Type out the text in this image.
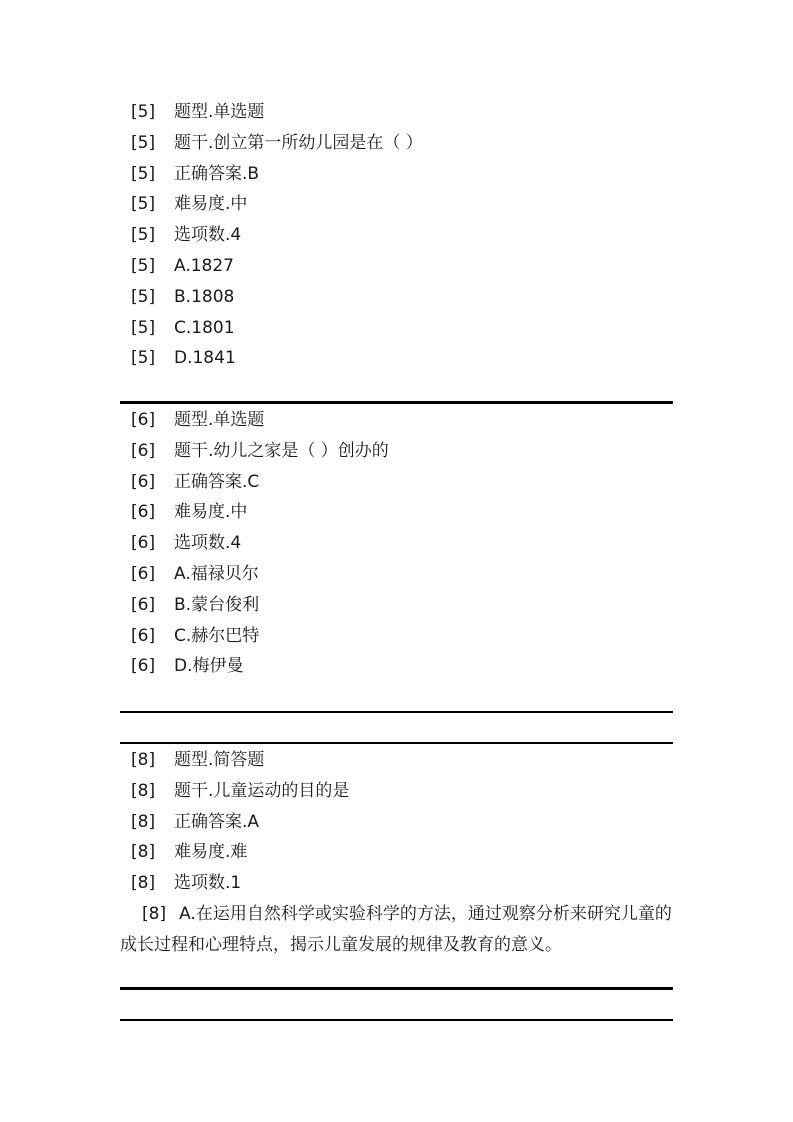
[5]	题型.单选题
[5]	题干.创立第一所幼儿园是在（ ）
[5]	正确答案.B
[5]	难易度.中
[5]	选项数.4
[5]	A.1827
[5]	B.1808
[5]	C.1801
[5]	D.1841
[6]	题型.单选题
[6]	题干.幼儿之家是（ ）创办的
[6]	正确答案.C
[6]	难易度.中
[6]	选项数.4
[6]	A.福禄贝尔
[6]	B.蒙台俊利
[6]	C.赫尔巴特
[6]	D.梅伊曼
[8]	题型.简答题
[8]	题干.儿童运动的目的是
[8]	正确答案.A
[8]	难易度.难
[8]	选项数.1
[8] A.在运用自然科学或实验科学的方法，通过观察分析来研究儿童的成长过程和心理特点，揭示儿童发展的规律及教育的意义。
